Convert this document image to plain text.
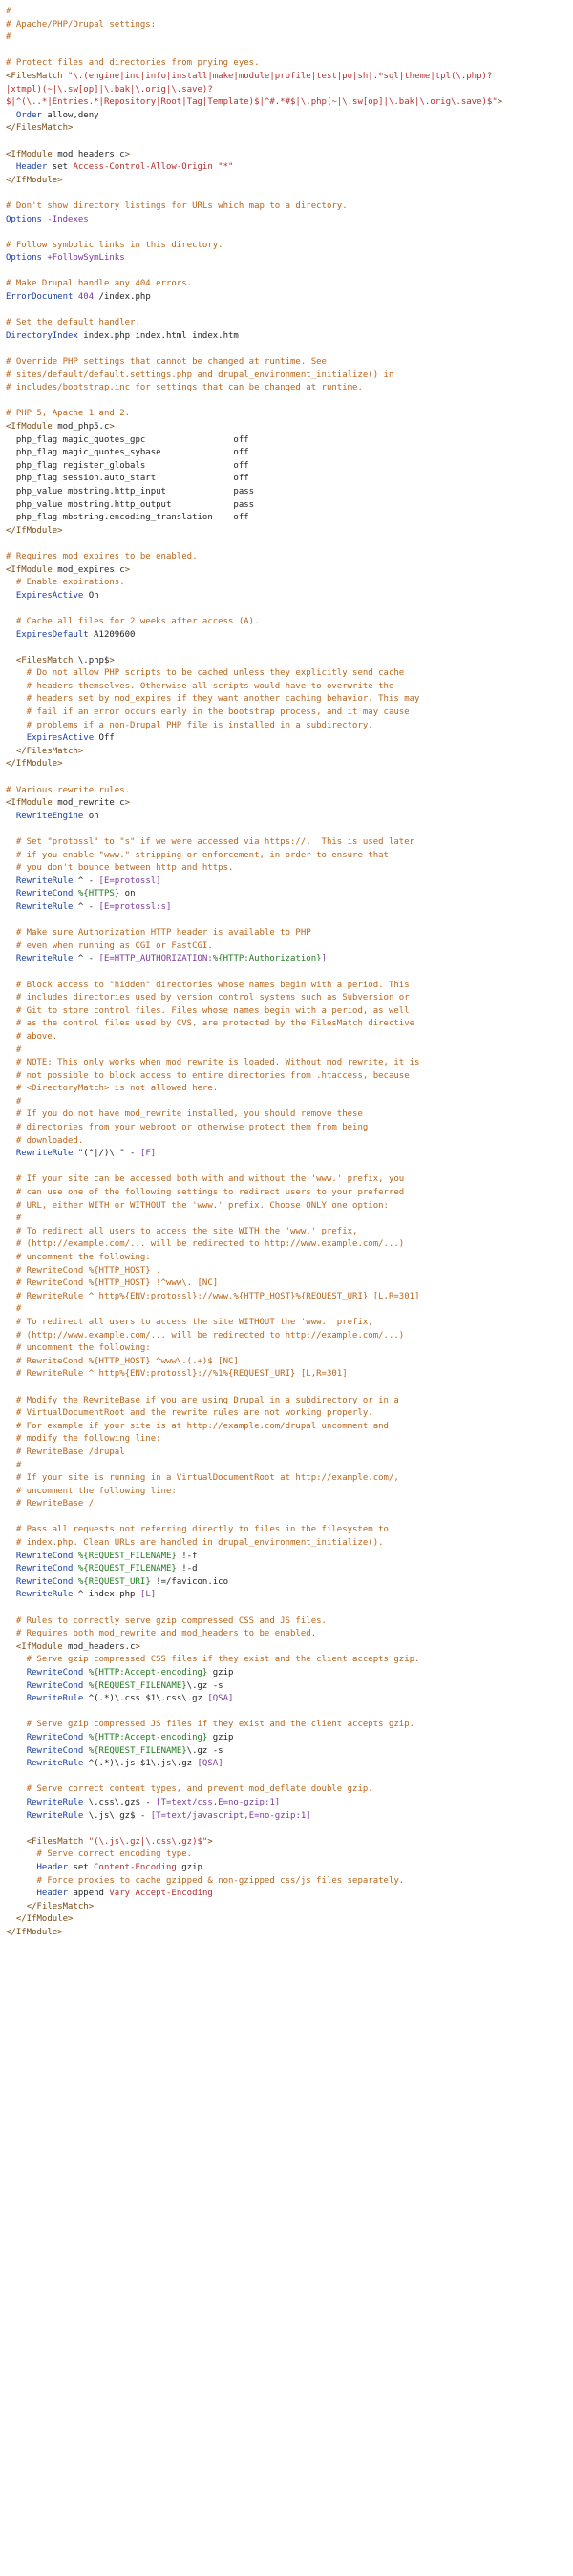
#
# Apache/PHP/Drupal settings:
#

# Protect files and directories from prying eyes.
<FilesMatch "\.(engine|inc|info|install|make|module|profile|test|po|sh|.*sql|theme|tpl(\.php)?
|xtmpl)(~|\.sw[op]|\.bak|\.orig|\.save)?
$|^(\..*|Entries.*|Repository|Root|Tag|Template)$|^#.*#$|\.php(~|\.sw[op]|\.bak|\.orig\.save)$">
Order allow,deny
</FilesMatch>

<IfModule mod_headers.c>
Header set Access-Control-Allow-Origin "*"
</IfModule>

# Don't show directory listings for URLs which map to a directory.
Options -Indexes

# Follow symbolic links in this directory.
Options +FollowSymLinks

# Make Drupal handle any 404 errors.
ErrorDocument 404 /index.php

# Set the default handler.
DirectoryIndex index.php index.html index.htm

# Override PHP settings that cannot be changed at runtime. See
# sites/default/default.settings.php and drupal_environment_initialize() in
# includes/bootstrap.inc for settings that can be changed at runtime.

# PHP 5, Apache 1 and 2.
<IfModule mod_php5.c>
php_flag magic_quotes_gpc                 off
php_flag magic_quotes_sybase              off
php_flag register_globals                 off
php_flag session.auto_start               off
php_value mbstring.http_input             pass
php_value mbstring.http_output            pass
php_flag mbstring.encoding_translation    off
</IfModule>

# Requires mod_expires to be enabled.
<IfModule mod_expires.c>
# Enable expirations.
ExpiresActive On

# Cache all files for 2 weeks after access (A).
ExpiresDefault A1209600

<FilesMatch \.php$>
# Do not allow PHP scripts to be cached unless they explicitly send cache
# headers themselves. Otherwise all scripts would have to overwrite the
# headers set by mod_expires if they want another caching behavior. This may
# fail if an error occurs early in the bootstrap process, and it may cause
# problems if a non-Drupal PHP file is installed in a subdirectory.
ExpiresActive Off
</FilesMatch>
</IfModule>

# Various rewrite rules.
<IfModule mod_rewrite.c>
RewriteEngine on

# Set "protossl" to "s" if we were accessed via https://.  This is used later
# if you enable "www." stripping or enforcement, in order to ensure that
# you don't bounce between http and https.
RewriteRule ^ - [E=protossl]
RewriteCond %{HTTPS} on
RewriteRule ^ - [E=protossl:s]

# Make sure Authorization HTTP header is available to PHP
# even when running as CGI or FastCGI.
RewriteRule ^ - [E=HTTP_AUTHORIZATION:%{HTTP:Authorization}]

# Block access to "hidden" directories whose names begin with a period. This
# includes directories used by version control systems such as Subversion or
# Git to store control files. Files whose names begin with a period, as well
# as the control files used by CVS, are protected by the FilesMatch directive
# above.
#
# NOTE: This only works when mod_rewrite is loaded. Without mod_rewrite, it is
# not possible to block access to entire directories from .htaccess, because
# <DirectoryMatch> is not allowed here.
#
# If you do not have mod_rewrite installed, you should remove these
# directories from your webroot or otherwise protect them from being
# downloaded.
RewriteRule "(^|/)\." - [F]

# If your site can be accessed both with and without the 'www.' prefix, you
# can use one of the following settings to redirect users to your preferred
# URL, either WITH or WITHOUT the 'www.' prefix. Choose ONLY one option:
#
# To redirect all users to access the site WITH the 'www.' prefix,
# (http://example.com/... will be redirected to http://www.example.com/...)
# uncomment the following:
# RewriteCond %{HTTP_HOST} .
# RewriteCond %{HTTP_HOST} !^www\. [NC]
# RewriteRule ^ http%{ENV:protossl}://www.%{HTTP_HOST}%{REQUEST_URI} [L,R=301]
#
# To redirect all users to access the site WITHOUT the 'www.' prefix,
# (http://www.example.com/... will be redirected to http://example.com/...)
# uncomment the following:
# RewriteCond %{HTTP_HOST} ^www\.(.+)$ [NC]
# RewriteRule ^ http%{ENV:protossl}://%1%{REQUEST_URI} [L,R=301]

# Modify the RewriteBase if you are using Drupal in a subdirectory or in a
# VirtualDocumentRoot and the rewrite rules are not working properly.
# For example if your site is at http://example.com/drupal uncomment and
# modify the following line:
# RewriteBase /drupal
#
# If your site is running in a VirtualDocumentRoot at http://example.com/,
# uncomment the following line:
# RewriteBase /

# Pass all requests not referring directly to files in the filesystem to
# index.php. Clean URLs are handled in drupal_environment_initialize().
RewriteCond %{REQUEST_FILENAME} !-f
RewriteCond %{REQUEST_FILENAME} !-d
RewriteCond %{REQUEST_URI} !=/favicon.ico
RewriteRule ^ index.php [L]

# Rules to correctly serve gzip compressed CSS and JS files.
# Requires both mod_rewrite and mod_headers to be enabled.
<IfModule mod_headers.c>
# Serve gzip compressed CSS files if they exist and the client accepts gzip.
RewriteCond %{HTTP:Accept-encoding} gzip
RewriteCond %{REQUEST_FILENAME}\.gz -s
RewriteRule ^(.*)\.css $1\.css\.gz [QSA]

# Serve gzip compressed JS files if they exist and the client accepts gzip.
RewriteCond %{HTTP:Accept-encoding} gzip
RewriteCond %{REQUEST_FILENAME}\.gz -s
RewriteRule ^(.*)\.js $1\.js\.gz [QSA]

# Serve correct content types, and prevent mod_deflate double gzip.
RewriteRule \.css\.gz$ - [T=text/css,E=no-gzip:1]
RewriteRule \.js\.gz$ - [T=text/javascript,E=no-gzip:1]

<FilesMatch "(\.js\.gz|\.css\.gz)$">
# Serve correct encoding type.
Header set Content-Encoding gzip
# Force proxies to cache gzipped & non-gzipped css/js files separately.
Header append Vary Accept-Encoding
</FilesMatch>
</IfModule>
</IfModule>
